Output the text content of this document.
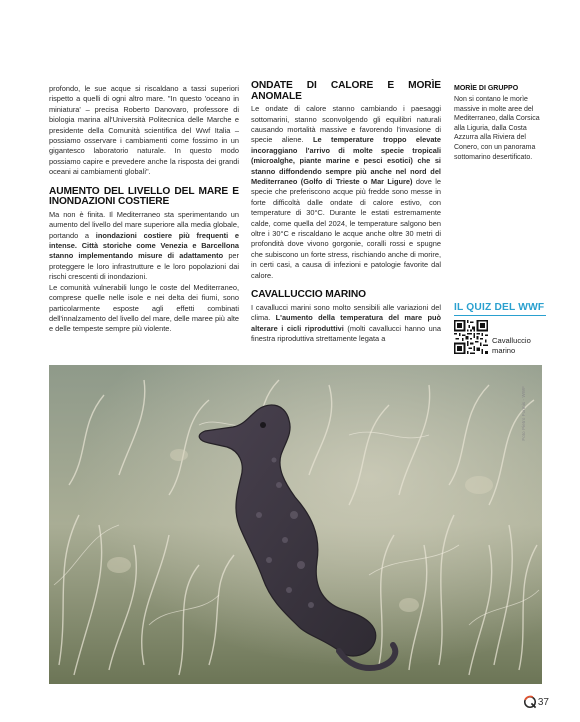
profondo, le sue acque si riscaldano a tassi superiori rispetto a quelli di ogni altro mare. "In questo 'oceano in miniatura' – precisa Roberto Danovaro, professore di biologia marina all'Università Politecnica delle Marche e presidente della Comunità scientifica del Wwf Italia – possiamo osservare i cambiamenti come fossimo in un gigantesco laboratorio naturale. In questo modo possiamo capire e prevedere anche la risposta dei grandi oceani ai cambiamenti globali".

AUMENTO DEL LIVELLO DEL MARE E INONDAZIONI COSTIERE

Ma non è finita. Il Mediterraneo sta sperimentando un aumento del livello del mare superiore alla media globale, portando a inondazioni costiere più frequenti e intense. Città storiche come Venezia e Barcellona stanno implementando misure di adattamento per proteggere le loro infrastrutture e le loro popolazioni dai rischi crescenti di inondazioni.

Le comunità vulnerabili lungo le coste del Mediterraneo, comprese quelle nelle isole e nei delta dei fiumi, sono particolarmente esposte agli effetti combinati dell'innalzamento del livello del mare, delle maree più alte e delle tempeste sempre più violente.

ONDATE DI CALORE E MORÌE ANOMALE

Le ondate di calore stanno cambiando i paesaggi sottomarini, stanno sconvolgendo gli equilibri naturali causando mortalità massive e favorendo l'invasione di specie aliene. Le temperature troppo elevate incoraggiano l'arrivo di molte specie tropicali (microalghe, piante marine e pesci esotici) che si stanno diffondendo sempre più anche nel nord del Mediterraneo (Golfo di Trieste o Mar Ligure) dove le specie che preferiscono acque più fredde sono messe in forte difficoltà dalle ondate di calore estivo, con temperature di 30°C. Durante le estati estremamente calde, come quella del 2024, le temperature salgono ben oltre i 30°C e riscaldano le acque anche oltre 30 metri di profondità dove vivono gorgonie, coralli rossi e spugne che subiscono un forte stress, rischiando anche di morire, in certi casi, a causa di infezioni e patologie favorite dal calore.

CAVALLUCCIO MARINO

I cavallucci marini sono molto sensibili alle variazioni del clima. L'aumento della temperatura del mare può alterare i cicli riproduttivi (molti cavallucci hanno una finestra riproduttiva strettamente legata a

MORÌE DI GRUPPO
Non si contano le morìe massive in molte aree del Mediterraneo, dalla Corsica alla Liguria, dalla Costa Azzurra alla Riviera del Conero, con un panorama sottomarino desertificato.
IL QUIZ DEL WWF
Cavalluccio marino
Foto Pietro Formis - WWF
37
